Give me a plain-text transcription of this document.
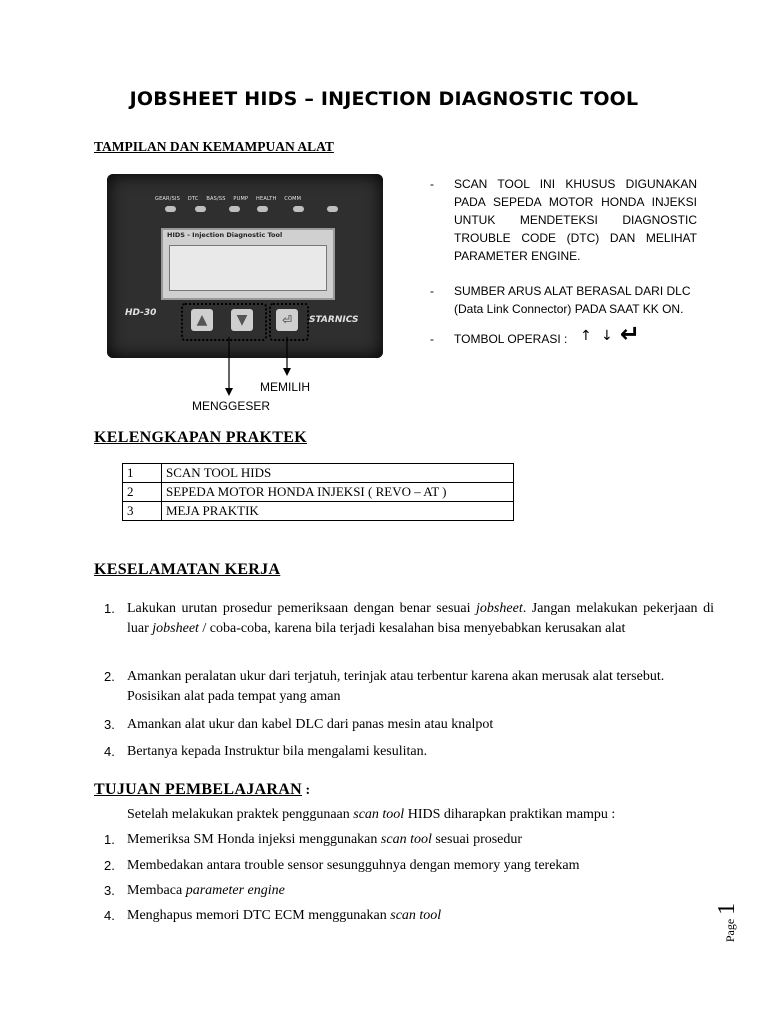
JOBSHEET HIDS – INJECTION DIAGNOSTIC TOOL
TAMPILAN DAN KEMAMPUAN ALAT
GEAR/SIS DTC BAS/SS PUMP HEALTH COMM
HIDS - Injection Diagnostic Tool
HD-30
STARNICS
▲	▼	⏎
MEMILIH
MENGGESER
- SCAN TOOL INI KHUSUS DIGUNAKAN PADA SEPEDA MOTOR HONDA INJEKSI UNTUK MENDETEKSI DIAGNOSTIC TROUBLE CODE (DTC) DAN MELIHAT PARAMETER ENGINE.
- SUMBER ARUS ALAT BERASAL DARI DLC (Data Link Connector) PADA SAAT KK ON.
- TOMBOL OPERASI : ↑ ↓ ↵
KELENGKAPAN PRAKTEK
1	SCAN TOOL HIDS
2	SEPEDA MOTOR HONDA INJEKSI ( REVO – AT )
3	MEJA PRAKTIK
KESELAMATAN KERJA
1. Lakukan urutan prosedur pemeriksaan dengan benar sesuai jobsheet. Jangan melakukan pekerjaan di luar jobsheet / coba-coba, karena bila terjadi kesalahan bisa menyebabkan kerusakan alat
2. Amankan peralatan ukur dari terjatuh, terinjak atau terbentur karena akan merusak alat tersebut. Posisikan alat pada tempat yang aman
3. Amankan alat ukur dan kabel DLC dari panas mesin atau knalpot
4. Bertanya kepada Instruktur bila mengalami kesulitan.
TUJUAN PEMBELAJARAN :
Setelah melakukan praktek penggunaan scan tool HIDS diharapkan praktikan mampu :
1. Memeriksa SM Honda injeksi menggunakan scan tool sesuai prosedur
2. Membedakan antara trouble sensor sesungguhnya dengan memory yang terekam
3. Membaca parameter engine
4. Menghapus memori DTC ECM menggunakan scan tool
Page 1
